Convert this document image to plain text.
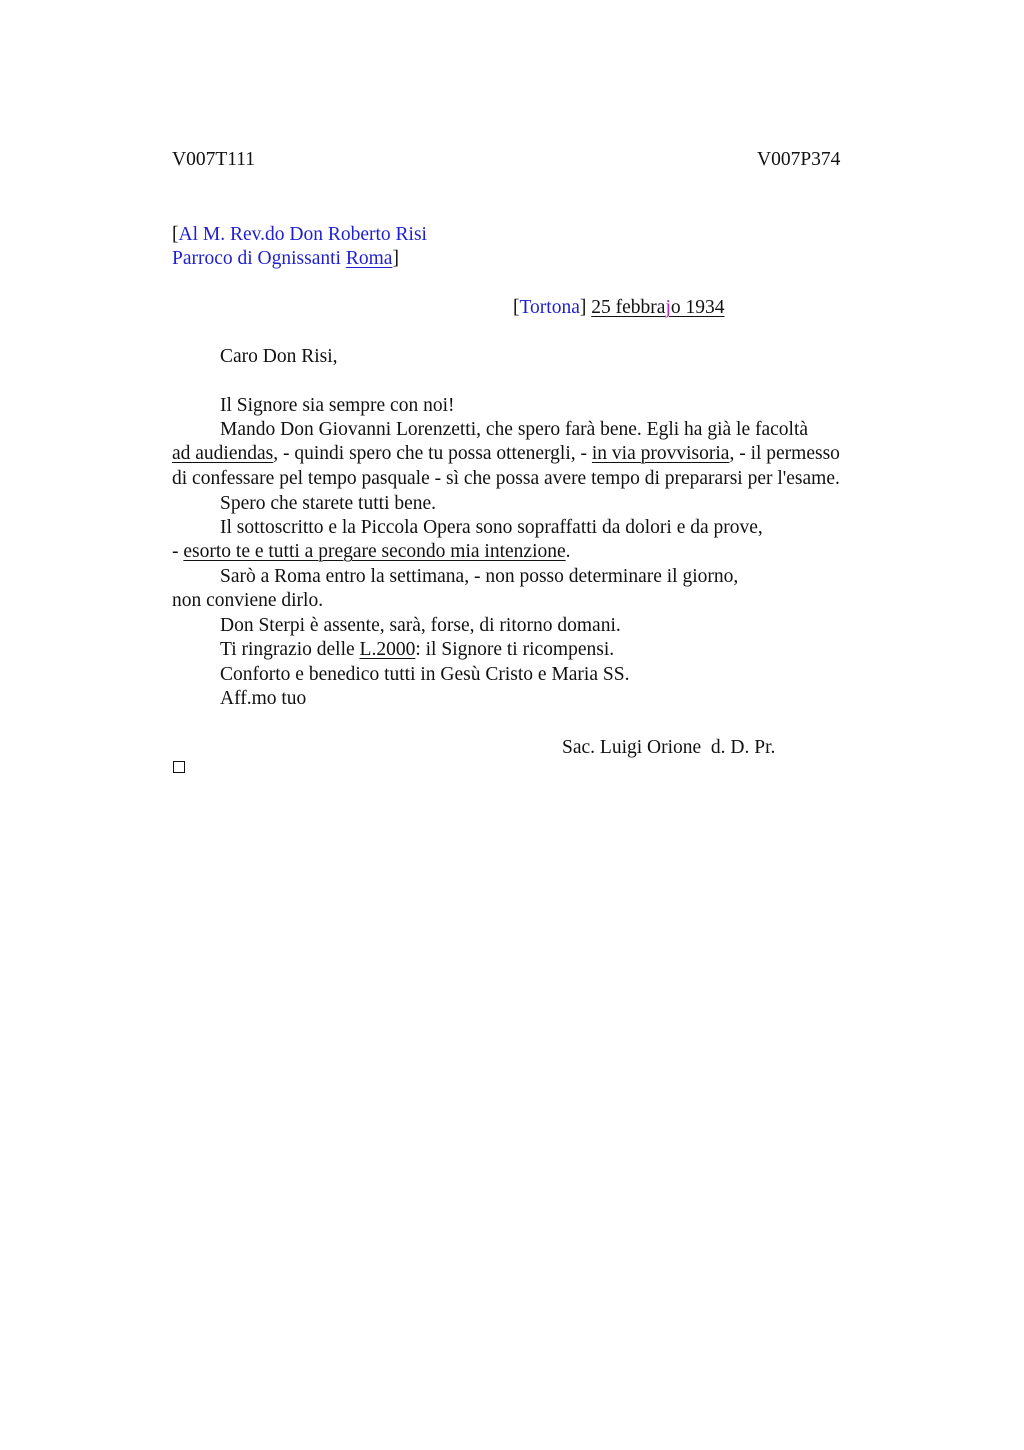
V007T111	V007P374
[Al M. Rev.do Don Roberto Risi
Parroco di Ognissanti Roma]
[Tortona] 25 febbrajo 1934
Caro Don Risi,
Il Signore sia sempre con noi!
Mando Don Giovanni Lorenzetti, che spero farà bene. Egli ha già le facoltà
ad audiendas, - quindi spero che tu possa ottenergli, - in via provvisoria, - il permesso
di confessare pel tempo pasquale - sì che possa avere tempo di prepararsi per l'esame.
Spero che starete tutti bene.
Il sottoscritto e la Piccola Opera sono sopraffatti da dolori e da prove,
- esorto te e tutti a pregare secondo mia intenzione.
Sarò a Roma entro la settimana, - non posso determinare il giorno,
non conviene dirlo.
Don Sterpi è assente, sarà, forse, di ritorno domani.
Ti ringrazio delle L.2000: il Signore ti ricompensi.
Conforto e benedico tutti in Gesù Cristo e Maria SS.
Aff.mo tuo
Sac. Luigi Orione  d. D. Pr.
